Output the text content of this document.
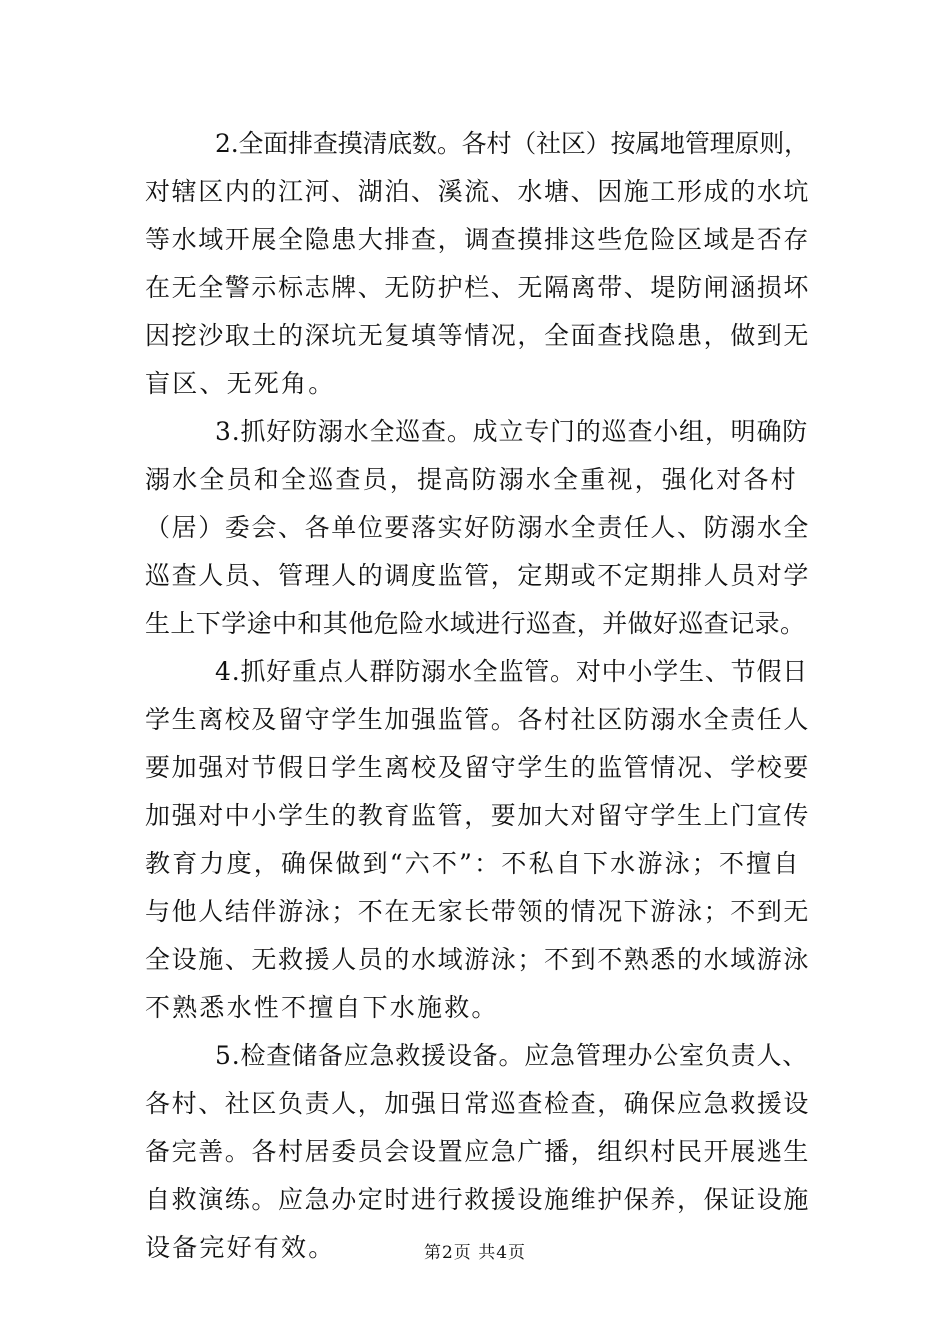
2.全面排查摸清底数。各村（社区）按属地管理原则，
对辖区内的江河、湖泊、溪流、水塘、因施工形成的水坑
等水域开展全隐患大排查，调查摸排这些危险区域是否存
在无全警示标志牌、无防护栏、无隔离带、堤防闸涵损坏
因挖沙取土的深坑无复填等情况，全面查找隐患，做到无
盲区、无死角。
3.抓好防溺水全巡查。成立专门的巡查小组，明确防
溺水全员和全巡查员，提高防溺水全重视，强化对各村
（居）委会、各单位要落实好防溺水全责任人、防溺水全
巡查人员、管理人的调度监管，定期或不定期排人员对学
生上下学途中和其他危险水域进行巡查，并做好巡查记录。
4.抓好重点人群防溺水全监管。对中小学生、节假日
学生离校及留守学生加强监管。各村社区防溺水全责任人
要加强对节假日学生离校及留守学生的监管情况、学校要
加强对中小学生的教育监管，要加大对留守学生上门宣传
教育力度，确保做到“六不”：不私自下水游泳；不擅自
与他人结伴游泳；不在无家长带领的情况下游泳；不到无
全设施、无救援人员的水域游泳；不到不熟悉的水域游泳
不熟悉水性不擅自下水施救。
5.检查储备应急救援设备。应急管理办公室负责人、
各村、社区负责人，加强日常巡查检查，确保应急救援设
备完善。各村居委员会设置应急广播，组织村民开展逃生
自救演练。应急办定时进行救援设施维护保养，保证设施
设备完好有效。	第2页 共4页
